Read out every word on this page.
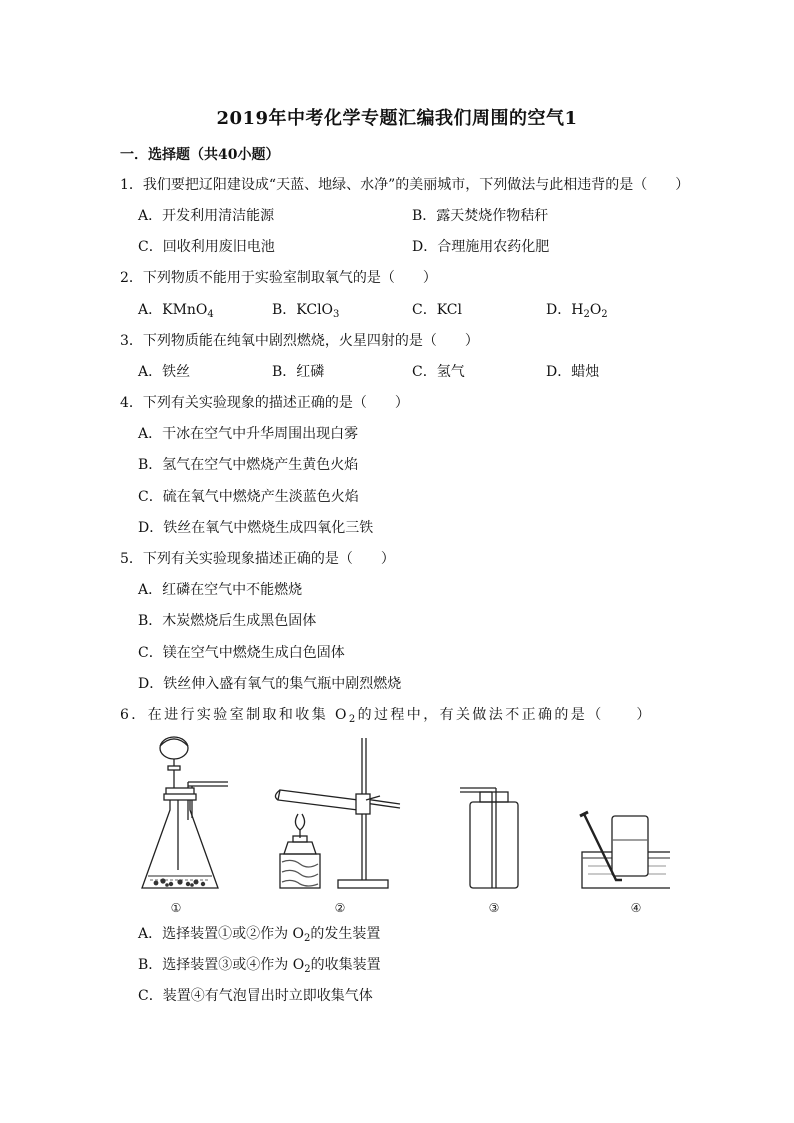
2019年中考化学专题汇编我们周围的空气1
一．选择题（共40小题）
1．我们要把辽阳建设成“天蓝、地绿、水净”的美丽城市，下列做法与此相违背的是（　　）
A．开发利用清洁能源	B．露天焚烧作物秸秆
C．回收利用废旧电池	D．合理施用农药化肥
2．下列物质不能用于实验室制取氧气的是（　　）
A．KMnO$_4$	B．KClO$_3$	C．KCl	D．$H_2O_2$
3．下列物质能在纯氧中剧烈燃烧，火星四射的是（　　）
A．铁丝	B．红磷	C．氢气	D．蜡烛
4．下列有关实验现象的描述正确的是（　　）
A．干冰在空气中升华周围出现白雾
B．氢气在空气中燃烧产生黄色火焰
C．硫在氧气中燃烧产生淡蓝色火焰
D．铁丝在氧气中燃烧生成四氧化三铁
5．下列有关实验现象描述正确的是（　　）
A．红磷在空气中不能燃烧
B．木炭燃烧后生成黑色固体
C．镁在空气中燃烧生成白色固体
D．铁丝伸入盛有氧气的集气瓶中剧烈燃烧
6．在进行实验室制取和收集 $O_2$的过程中，有关做法不正确的是（　　）
①	②	③	④
A．选择装置①或②作为 $O_2$的发生装置
B．选择装置③或④作为 $O_2$的收集装置
C．装置④有气泡冒出时立即收集气体
